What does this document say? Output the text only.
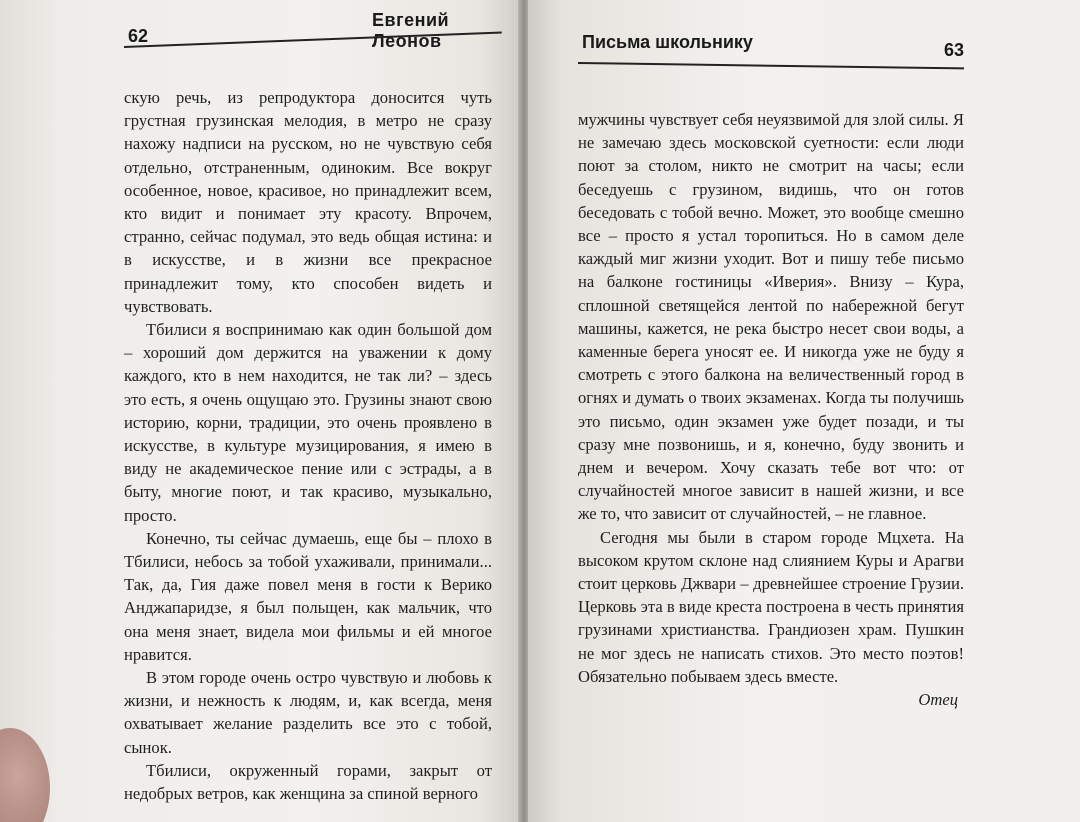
62
Евгений Леонов

скую речь, из репродуктора доносится чуть грустная грузинская мелодия, в метро не сразу нахожу надписи на русском, но не чувствую себя отдельно, отстраненным, одиноким. Все вокруг особенное, новое, красивое, но принадлежит всем, кто видит и понимает эту красоту. Впрочем, странно, сейчас подумал, это ведь общая истина: и в искусстве, и в жизни все прекрасное принадлежит тому, кто способен видеть и чувствовать.

Тбилиси я воспринимаю как один большой дом – хороший дом держится на уважении к дому каждого, кто в нем находится, не так ли? – здесь это есть, я очень ощущаю это. Грузины знают свою историю, корни, традиции, это очень проявлено в искусстве, в культуре музицирования, я имею в виду не академическое пение или с эстрады, а в быту, многие поют, и так красиво, музыкально, просто.

Конечно, ты сейчас думаешь, еще бы – плохо в Тбилиси, небось за тобой ухаживали, принимали... Так, да, Гия даже повел меня в гости к Верико Анджапаридзе, я был польщен, как мальчик, что она меня знает, видела мои фильмы и ей многое нравится.

В этом городе очень остро чувствую и любовь к жизни, и нежность к людям, и, как всегда, меня охватывает желание разделить все это с тобой, сынок.

Тбилиси, окруженный горами, закрыт от недобрых ветров, как женщина за спиной верного

Письма школьнику	63

мужчины чувствует себя неуязвимой для злой силы. Я не замечаю здесь московской суетности: если люди поют за столом, никто не смотрит на часы; если беседуешь с грузином, видишь, что он готов беседовать с тобой вечно. Может, это вообще смешно все – просто я устал торопиться. Но в самом деле каждый миг жизни уходит. Вот и пишу тебе письмо на балконе гостиницы «Иверия». Внизу – Кура, сплошной светящейся лентой по набережной бегут машины, кажется, не река быстро несет свои воды, а каменные берега уносят ее. И никогда уже не буду я смотреть с этого балкона на величественный город в огнях и думать о твоих экзаменах. Когда ты получишь это письмо, один экзамен уже будет позади, и ты сразу мне позвонишь, и я, конечно, буду звонить и днем и вечером. Хочу сказать тебе вот что: от случайностей многое зависит в нашей жизни, и все же то, что зависит от случайностей, – не главное.

Сегодня мы были в старом городе Мцхета. На высоком крутом склоне над слиянием Куры и Арагви стоит церковь Джвари – древнейшее строение Грузии. Церковь эта в виде креста построена в честь принятия грузинами христианства. Грандиозен храм. Пушкин не мог здесь не написать стихов. Это место поэтов! Обязательно побываем здесь вместе.

Отец
